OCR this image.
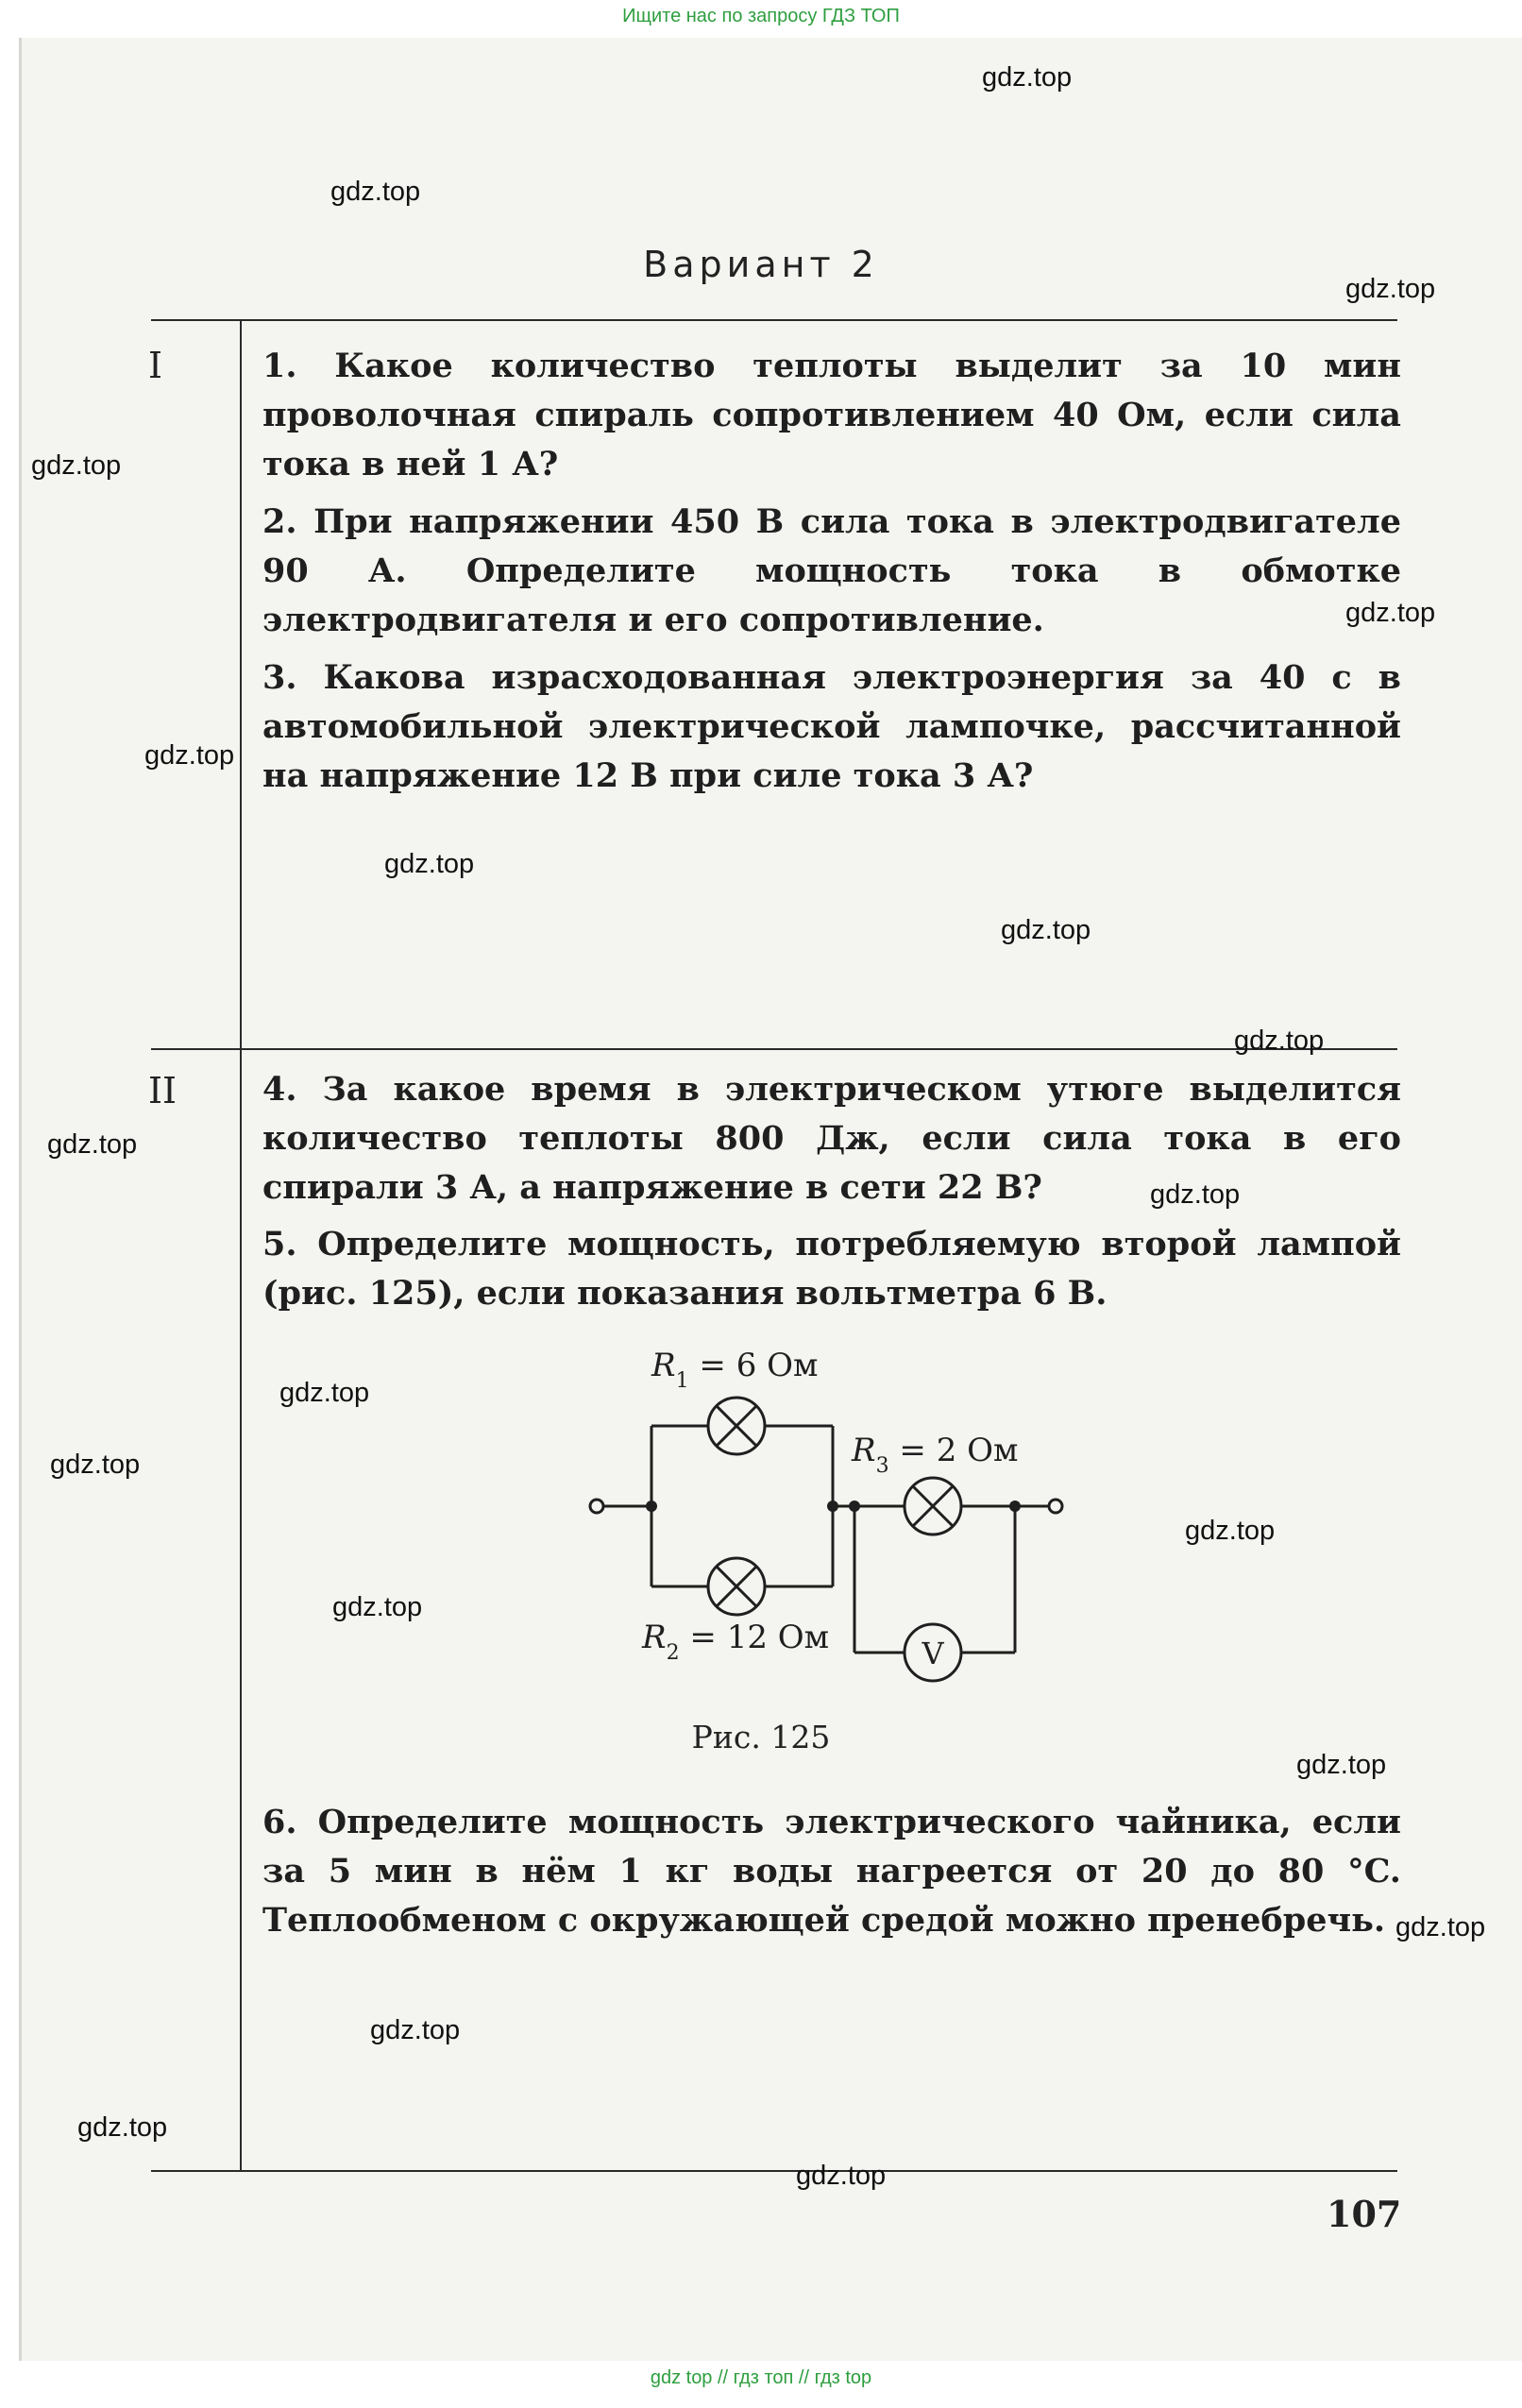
Ищите нас по запросу ГДЗ ТОП
Вариант 2
I
II
1. Какое количество теплоты выделит за 10 мин проволочная спираль сопротивлением 40 Ом, если сила тока в ней 1 А?
2. При напряжении 450 В сила тока в электродвигателе 90 А. Определите мощность тока в обмотке электродвигателя и его сопротивление.
3. Какова израсходованная электроэнергия за 40 с в автомобильной электрической лампочке, рассчитанной на напряжение 12 В при силе тока 3 А?
4. За какое время в электрическом утюге выделится количество теплоты 800 Дж, если сила тока в его спирали 3 А, а напряжение в сети 22 В?
5. Определите мощность, потребляемую второй лампой (рис. 125), если показания вольтметра 6 В.
6. Определите мощность электрического чайника, если за 5 мин в нём 1 кг воды нагреется от 20 до 80 °C. Теплообменом с окружающей средой можно пренебречь.
V
$R_1 = 6$ Ом
$R_3 = 2$ Ом
$R_2 = 12$ Ом
Рис. 125
107
gdz.top
gdz.top
gdz.top
gdz.top
gdz.top
gdz.top
gdz.top
gdz.top
gdz.top
gdz.top
gdz.top
gdz.top
gdz.top
gdz.top
gdz.top
gdz.top
gdz.top
gdz.top
gdz.top
gdz.top
gdz top // гдз топ // гдз top
